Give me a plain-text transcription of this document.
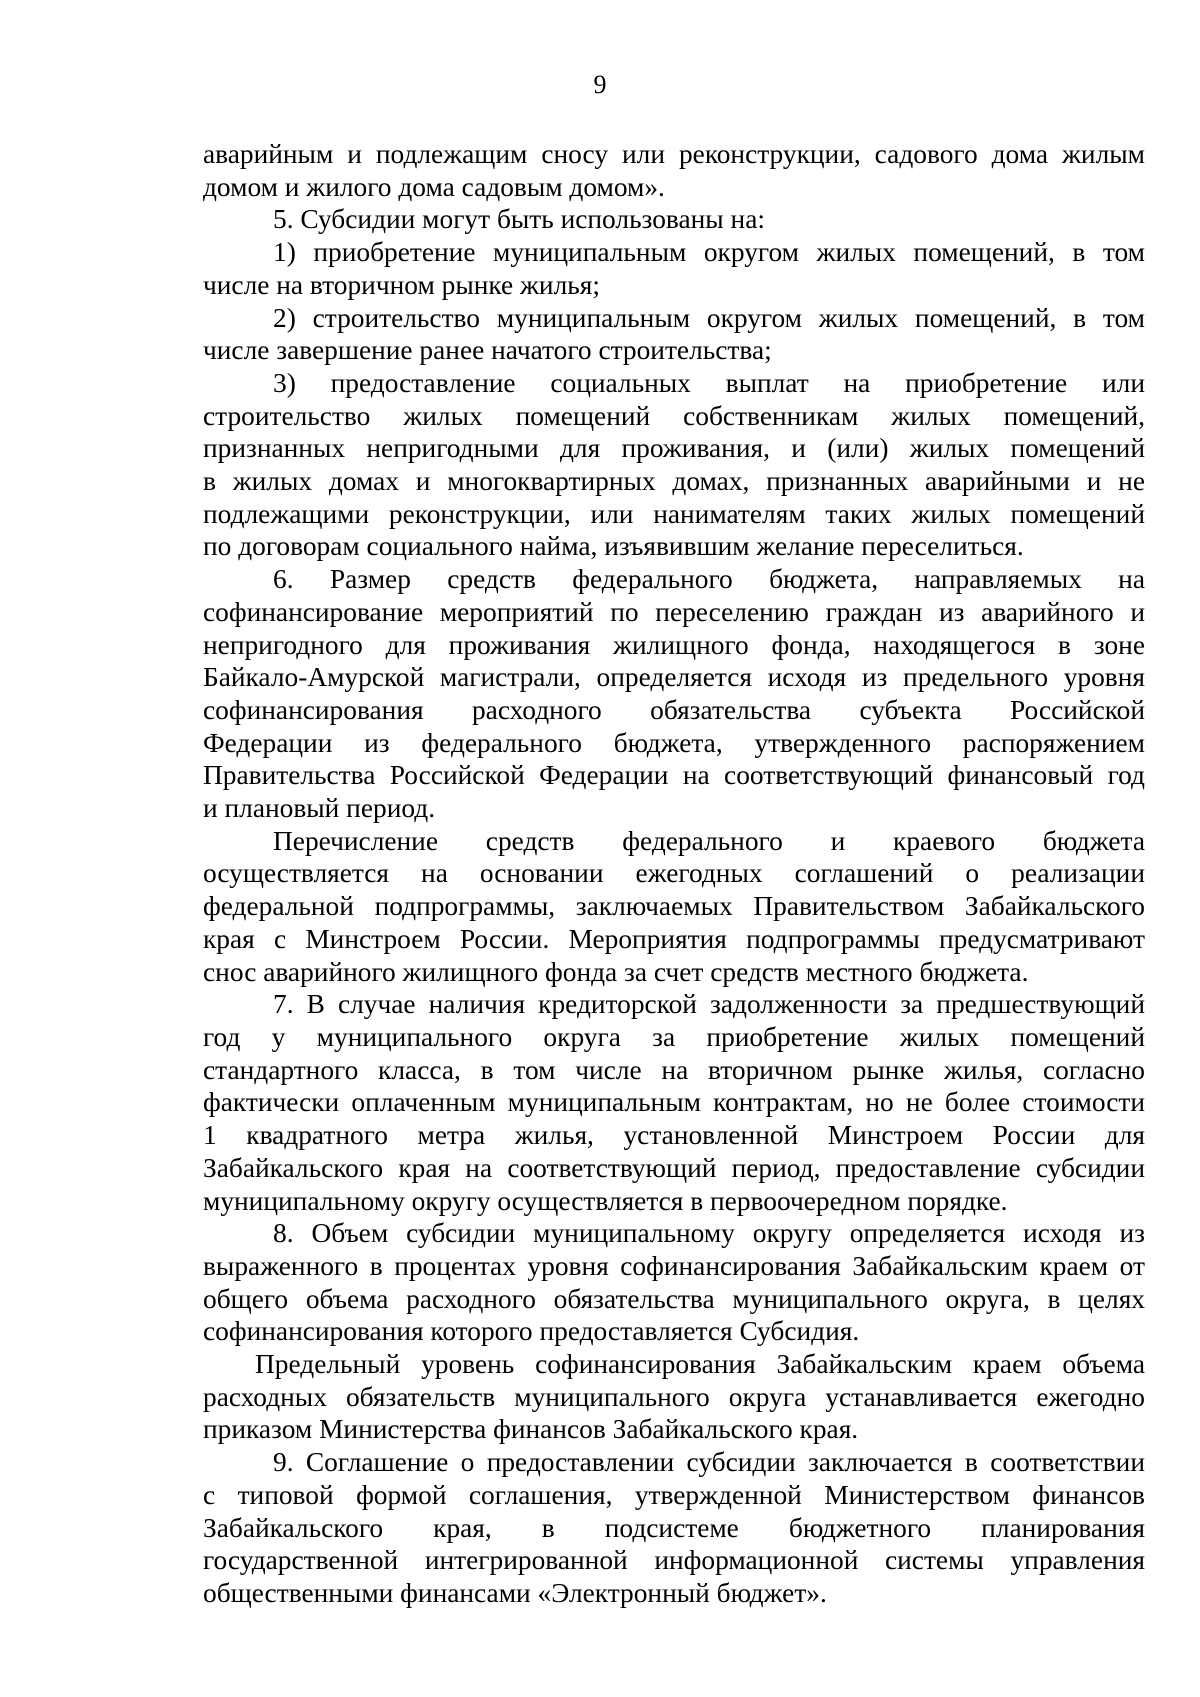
9

аварийным и подлежащим сносу или реконструкции, садового дома жилым
домом и жилого дома садовым домом».

5. Субсидии могут быть использованы на:

1) приобретение муниципальным округом жилых помещений, в том
числе на вторичном рынке жилья;

2) строительство муниципальным округом жилых помещений, в том
числе завершение ранее начатого строительства;

3) предоставление социальных выплат на приобретение или
строительство жилых помещений собственникам жилых помещений,
признанных непригодными для проживания, и (или) жилых помещений
в жилых домах и многоквартирных домах, признанных аварийными и не
подлежащими реконструкции, или нанимателям таких жилых помещений
по договорам социального найма, изъявившим желание переселиться.

6. Размер средств федерального бюджета, направляемых на
софинансирование мероприятий по переселению граждан из аварийного и
непригодного для проживания жилищного фонда, находящегося в зоне
Байкало-Амурской магистрали, определяется исходя из предельного уровня
софинансирования расходного обязательства субъекта Российской
Федерации из федерального бюджета, утвержденного распоряжением
Правительства Российской Федерации на соответствующий финансовый год
и плановый период.

Перечисление средств федерального и краевого бюджета
осуществляется на основании ежегодных соглашений о реализации
федеральной подпрограммы, заключаемых Правительством Забайкальского
края с Минстроем России. Мероприятия подпрограммы предусматривают
снос аварийного жилищного фонда за счет средств местного бюджета.

7. В случае наличия кредиторской задолженности за предшествующий
год у муниципального округа за приобретение жилых помещений
стандартного класса, в том числе на вторичном рынке жилья, согласно
фактически оплаченным муниципальным контрактам, но не более стоимости
1 квадратного метра жилья, установленной Минстроем России для
Забайкальского края на соответствующий период, предоставление субсидии
муниципальному округу осуществляется в первоочередном порядке.

8. Объем субсидии муниципальному округу определяется исходя из
выраженного в процентах уровня софинансирования Забайкальским краем от
общего объема расходного обязательства муниципального округа, в целях
софинансирования которого предоставляется Субсидия.

Предельный уровень софинансирования Забайкальским краем объема
расходных обязательств муниципального округа устанавливается ежегодно
приказом Министерства финансов Забайкальского края.

9. Соглашение о предоставлении субсидии заключается в соответствии
с типовой формой соглашения, утвержденной Министерством финансов
Забайкальского края, в подсистеме бюджетного планирования
государственной интегрированной информационной системы управления
общественными финансами «Электронный бюджет».
